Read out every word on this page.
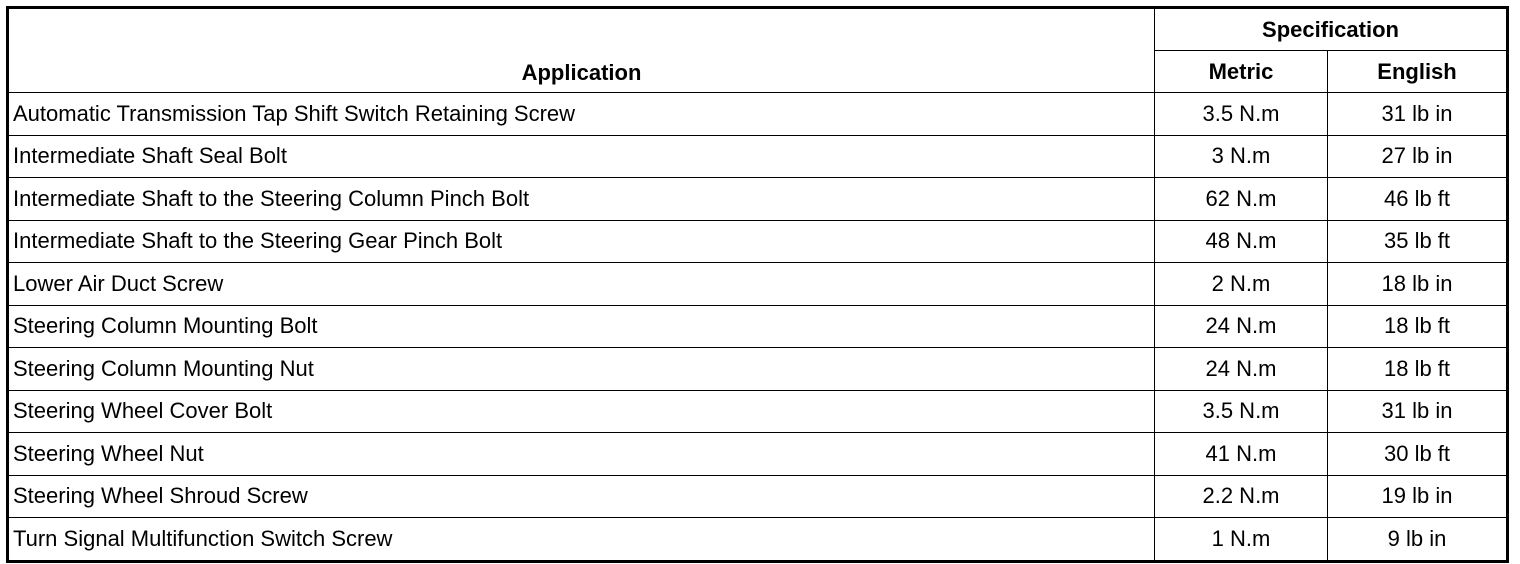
Application	Specification	
	Metric	English
Automatic Transmission Tap Shift Switch Retaining Screw	3.5 N.m	31 lb in
Intermediate Shaft Seal Bolt	3 N.m	27 lb in
Intermediate Shaft to the Steering Column Pinch Bolt	62 N.m	46 lb ft
Intermediate Shaft to the Steering Gear Pinch Bolt	48 N.m	35 lb ft
Lower Air Duct Screw	2 N.m	18 lb in
Steering Column Mounting Bolt	24 N.m	18 lb ft
Steering Column Mounting Nut	24 N.m	18 lb ft
Steering Wheel Cover Bolt	3.5 N.m	31 lb in
Steering Wheel Nut	41 N.m	30 lb ft
Steering Wheel Shroud Screw	2.2 N.m	19 lb in
Turn Signal Multifunction Switch Screw	1 N.m	9 lb in
